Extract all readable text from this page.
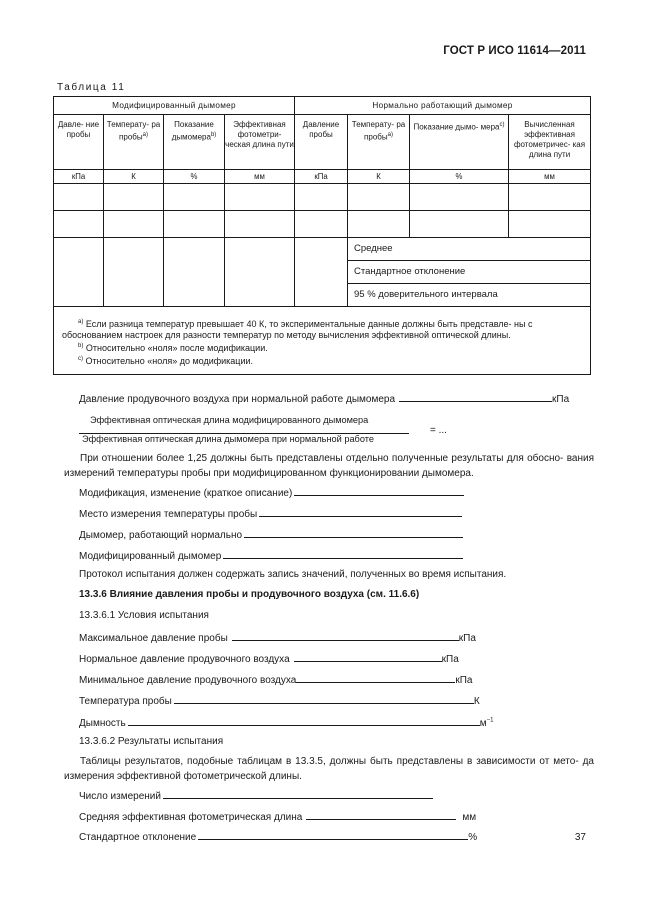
ГОСТ Р ИСО 11614—2011
Таблица 11
Модифицированный дымомер				Нормально работающий дымомер			
Давле- ние пробы	Температу- ра пробы$^{а)}$	Показание дымомера$^{b)}$	Эффективная фотометри- ческая длина пути	Давление пробы	Температу- ра пробы$^{а)}$	Показание дымо- мера$^{с)}$	Вычисленная эффективная фотометричес- кая длина пути
кПа	К	%	мм	кПа	К	%	мм

					Среднее		
					Стандартное отклонение		
					95 % доверительного интервала		

$^{а)}$ Если разница температур превышает 40 К, то экспериментальные данные должны быть представле- ны с обоснованием настроек для разности температур по методу вычисления эффективной оптической длины.
$^{b)}$ Относительно «ноля» после модификации.
$^{с)}$ Относительно «ноля» до модификации.							
Давление продувочного воздуха при нормальной работе дымомера	кПа
Эффективная оптическая длина модифицированного дымомера
Эффективная оптическая длина дымомера при нормальной работе
= ...
При отношении более 1,25 должны быть представлены отдельно полученные результаты для обосно- вания измерений температуры пробы при модифицированном функционировании дымомера.
Модификация, изменение (краткое описание)
Место измерения температуры пробы
Дымомер, работающий нормально
Модифицированный дымомер
Протокол испытания должен содержать запись значений, полученных во время испытания.
13.3.6 Влияние давления пробы и продувочного воздуха (см. 11.6.6)
13.3.6.1 Условия испытания
Максимальное давление пробы	кПа
Нормальное давление продувочного воздуха	кПа
Минимальное давление продувочного воздуха	кПа
Температура пробы	К
Дымность	$м^{-1}$
13.3.6.2 Результаты испытания
Таблицы результатов, подобные таблицам в 13.3.5, должны быть представлены в зависимости от мето- да измерения эффективной фотометрической длины.
Число измерений
Средняя эффективная фотометрическая длина	мм
Стандартное отклонение	%	37
